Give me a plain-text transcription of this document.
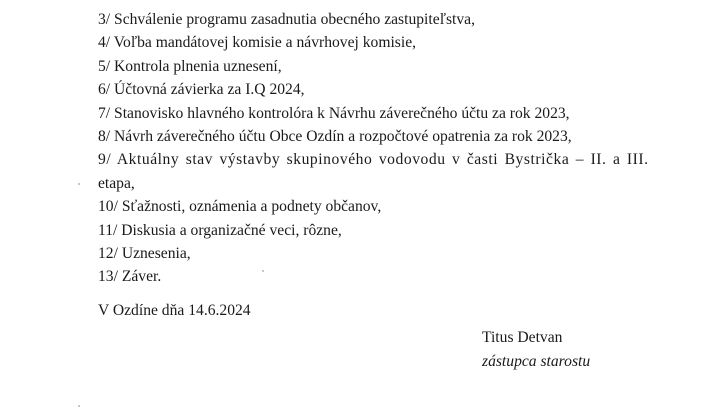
3/ Schválenie programu zasadnutia obecného zastupiteľstva,
4/ Voľba mandátovej komisie a návrhovej komisie,
5/ Kontrola plnenia uznesení,
6/ Účtovná závierka za I.Q 2024,
7/ Stanovisko hlavného kontrolóra k Návrhu záverečného účtu za rok 2023,
8/ Návrh záverečného účtu Obce Ozdín a rozpočtové opatrenia za rok 2023,
9/ Aktuálny stav výstavby skupinového vodovodu v časti Bystrička – II. a III.
etapa,
10/ Sťažnosti, oznámenia a podnety občanov,
11/ Diskusia a organizačné veci, rôzne,
12/ Uznesenia,
13/ Záver.
V Ozdíne dňa 14.6.2024
Titus Detvan
zástupca starostu
